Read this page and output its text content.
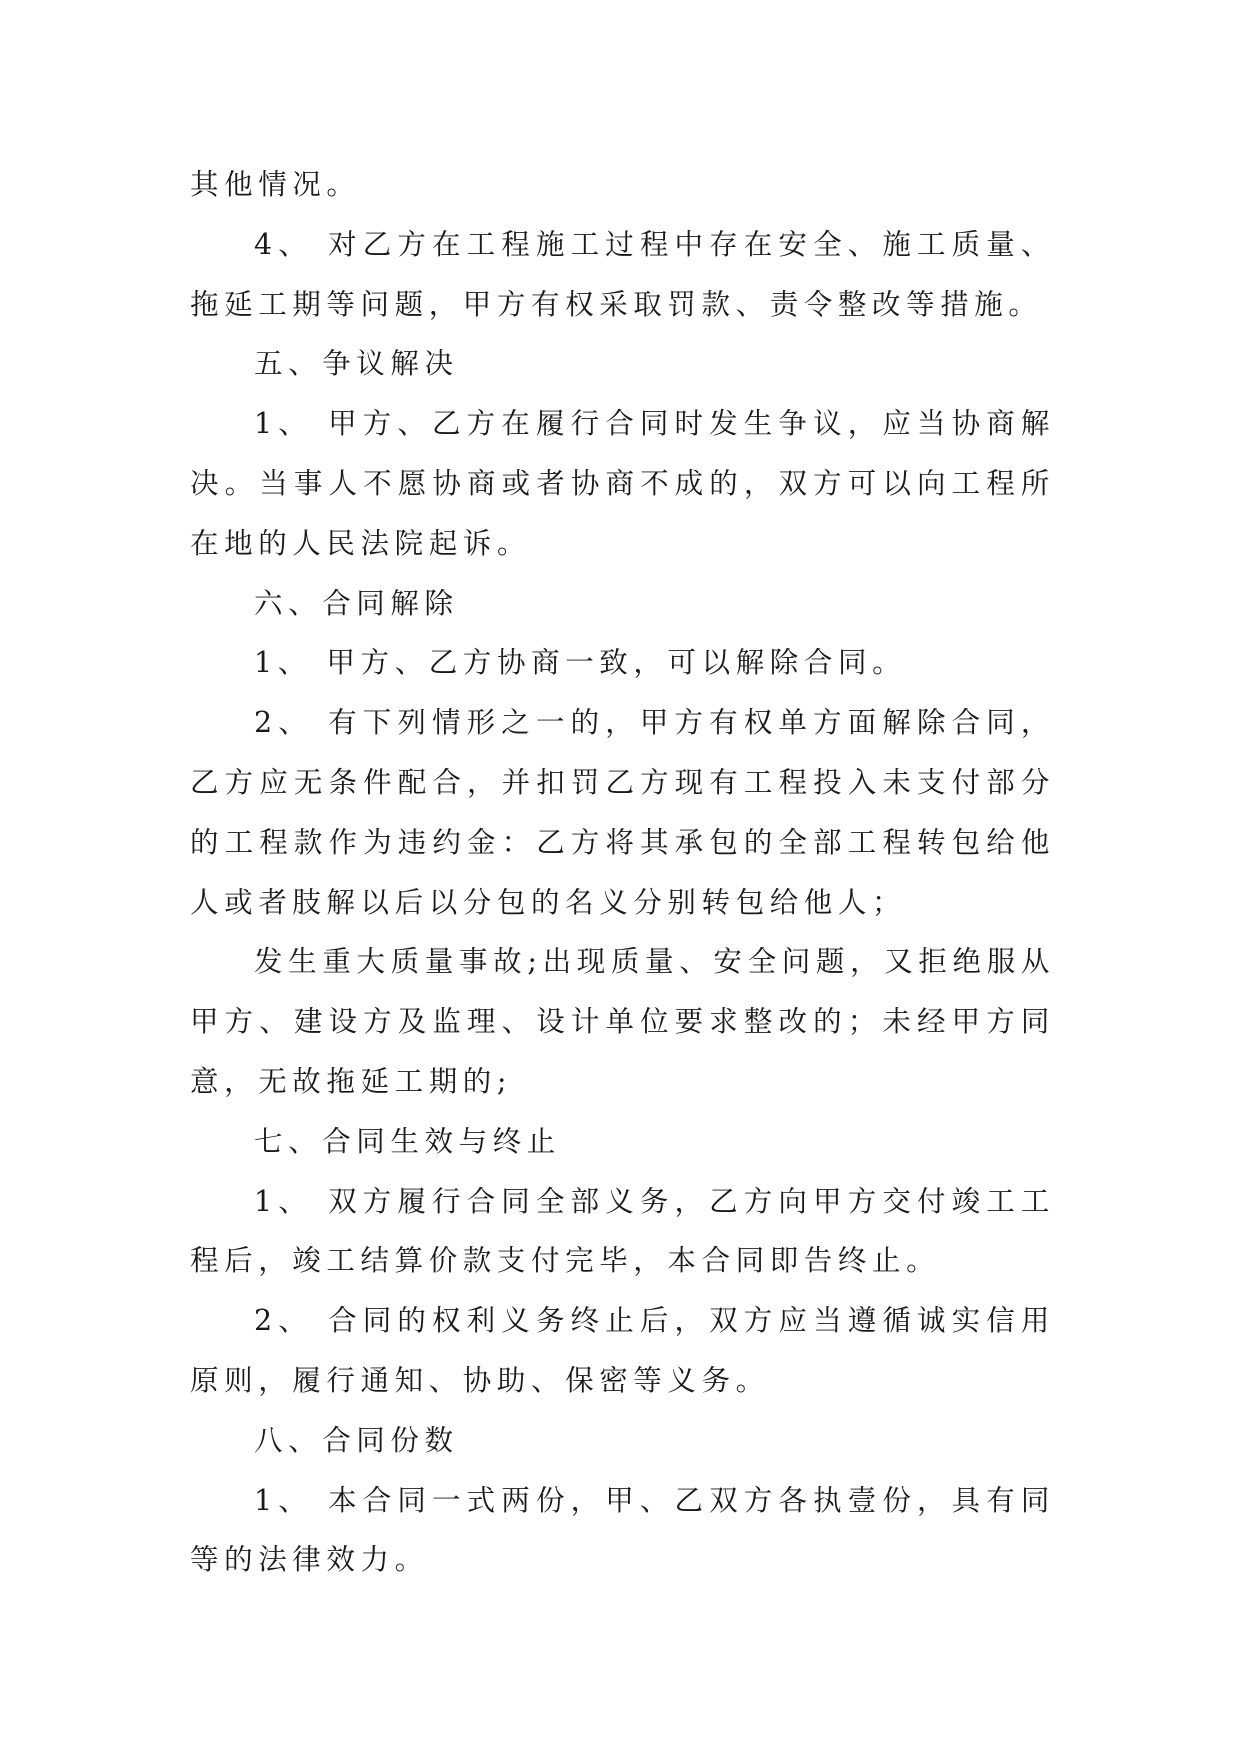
其他情况。

4、 对乙方在工程施工过程中存在安全、施工质量、拖延工期等问题，甲方有权采取罚款、责令整改等措施。

五、争议解决

1、 甲方、乙方在履行合同时发生争议，应当协商解决。当事人不愿协商或者协商不成的，双方可以向工程所在地的人民法院起诉。

六、合同解除

1、 甲方、乙方协商一致，可以解除合同。

2、 有下列情形之一的，甲方有权单方面解除合同，乙方应无条件配合，并扣罚乙方现有工程投入未支付部分的工程款作为违约金：乙方将其承包的全部工程转包给他人或者肢解以后以分包的名义分别转包给他人；

发生重大质量事故;出现质量、安全问题，又拒绝服从甲方、建设方及监理、设计单位要求整改的；未经甲方同意，无故拖延工期的;

七、合同生效与终止

1、 双方履行合同全部义务，乙方向甲方交付竣工工程后，竣工结算价款支付完毕，本合同即告终止。

2、 合同的权利义务终止后，双方应当遵循诚实信用原则，履行通知、协助、保密等义务。

八、合同份数

1、 本合同一式两份，甲、乙双方各执壹份，具有同等的法律效力。
